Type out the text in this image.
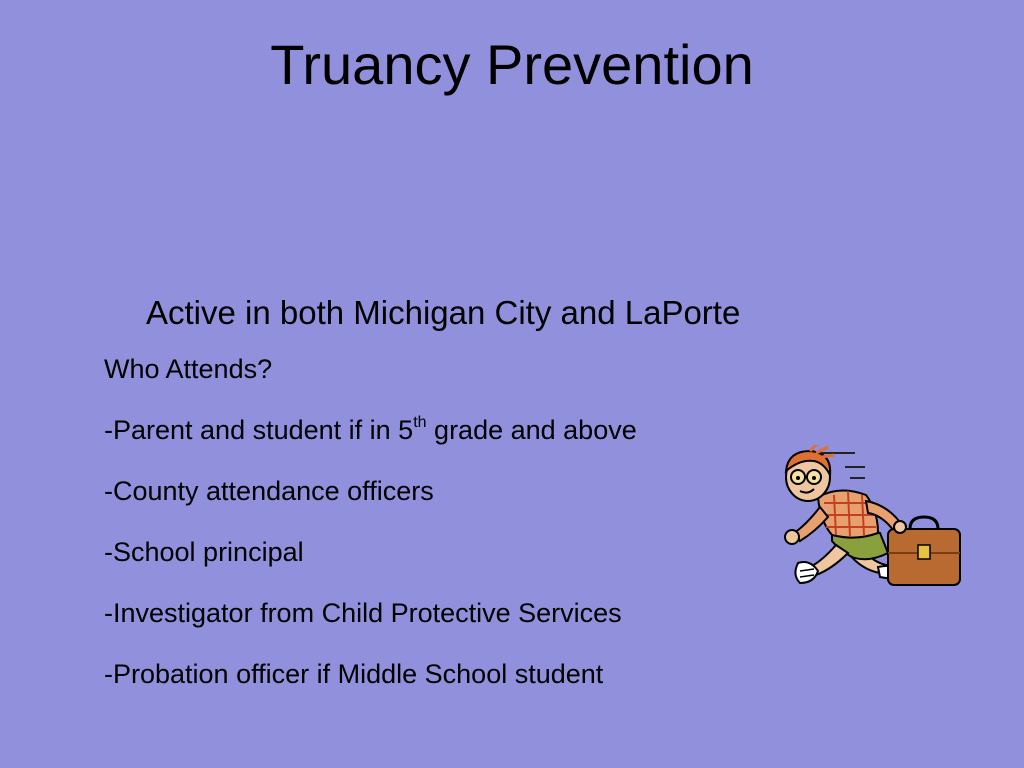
Truancy Prevention
Active in both Michigan City and LaPorte
Who Attends?
-Parent and student if in 5th grade and above
-County attendance officers
-School principal
-Investigator from Child Protective Services
-Probation officer if Middle School student
